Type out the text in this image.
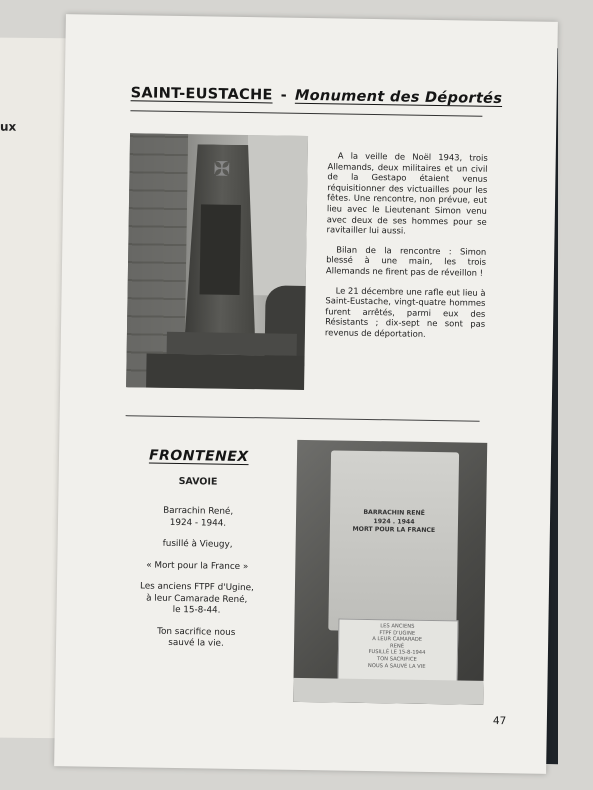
ux
SAINT-EUSTACHE - Monument des Déportés
✠	A la veille de Noël 1943, trois Allemands, deux militaires et un civil de la Gestapo étaient venus réquisitionner des victuailles pour les fêtes. Une rencontre, non prévue, eut lieu avec le Lieutenant Simon venu avec deux de ses hommes pour se ravitailler lui aussi.

Bilan de la rencontre : Simon blessé à une main, les trois Allemands ne firent pas de réveillon !

Le 21 décembre une rafle eut lieu à Saint-Eustache, vingt-quatre hommes furent arrêtés, parmi eux des Résistants ; dix-sept ne sont pas revenus de déportation.

FRONTENEX
SAVOIE

Barrachin René,
1924 - 1944.

fusillé à Vieugy,

« Mort pour la France »

Les anciens FTPF d'Ugine,
à leur Camarade René,
le 15-8-44.

Ton sacrifice nous
sauvé la vie.

BARRACHIN RENÉ
1924 . 1944
MORT POUR LA FRANCE
LES ANCIENS
FTPF D'UGINE
A LEUR CAMARADE
RENÉ
FUSILLÉ LE 15-8-1944
TON SACRIFICE
NOUS A SAUVÉ LA VIE
47
